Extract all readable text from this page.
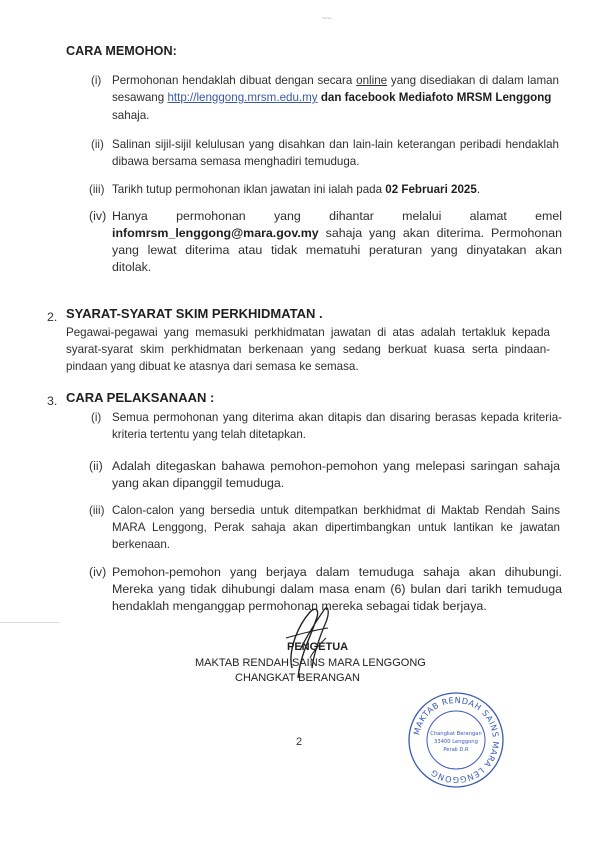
~~
CARA MEMOHON:
(i) Permohonan hendaklah dibuat dengan secara online yang disediakan di dalam laman
sesawang http://lenggong.mrsm.edu.my dan facebook Mediafoto MRSM Lenggong
sahaja.
(ii) Salinan sijil-sijil kelulusan yang disahkan dan lain-lain keterangan peribadi hendaklah
dibawa bersama semasa menghadiri temuduga.
(iii) Tarikh tutup permohonan iklan jawatan ini ialah pada 02 Februari 2025.
(iv) Hanya permohonan yang dihantar melalui alamat emel
infomrsm_lenggong@mara.gov.my sahaja yang akan diterima. Permohonan
yang lewat diterima atau tidak mematuhi peraturan yang dinyatakan akan
ditolak.
2. SYARAT-SYARAT SKIM PERKHIDMATAN .
Pegawai-pegawai yang memasuki perkhidmatan jawatan di atas adalah tertakluk kepada
syarat-syarat skim perkhidmatan berkenaan yang sedang berkuat kuasa serta pindaan-
pindaan yang dibuat ke atasnya dari semasa ke semasa.
3. CARA PELAKSANAAN :
(i) Semua permohonan yang diterima akan ditapis dan disaring berasas kepada kriteria-
kriteria tertentu yang telah ditetapkan.
(ii) Adalah ditegaskan bahawa pemohon-pemohon yang melepasi saringan sahaja
yang akan dipanggil temuduga.
(iii) Calon-calon yang bersedia untuk ditempatkan berkhidmat di Maktab Rendah Sains
MARA Lenggong, Perak sahaja akan dipertimbangkan untuk lantikan ke jawatan
berkenaan.
(iv) Pemohon-pemohon yang berjaya dalam temuduga sahaja akan dihubungi.
Mereka yang tidak dihubungi dalam masa enam (6) bulan dari tarikh temuduga
hendaklah menganggap permohonan mereka sebagai tidak berjaya.
PENGETUA
MAKTAB RENDAH SAINS MARA LENGGONG
CHANGKAT BERANGAN
MAKTAB RENDAH SAINS MARA LENGGONG
Changkat Berangan
33400 Lenggong
Perak D.R
2
